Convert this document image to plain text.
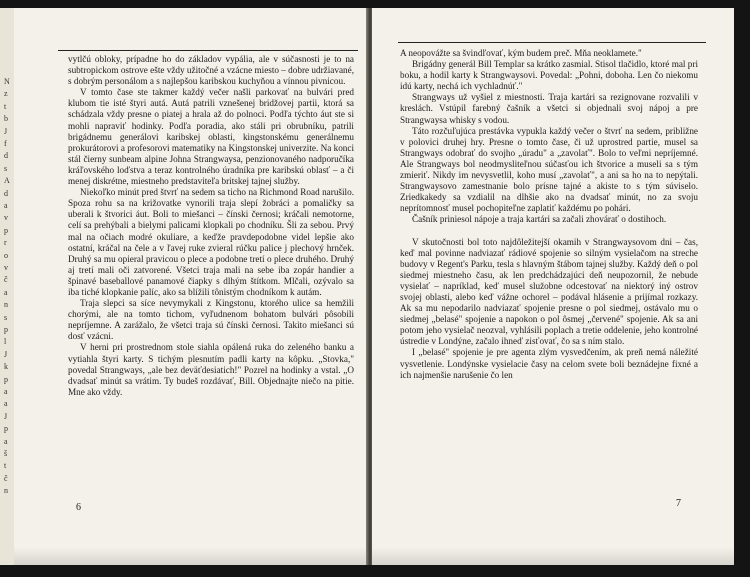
N
z
t
b
J
f
d
s
A
d
a
v
p
r
o
v
č
a
n
s
p
l
J
k
p
a
a
J
p
a
š
t
č
n

vytlčú obloky, prípadne ho do základov vypália, ale v súčasnosti je to na subtropickom ostrove ešte vždy užitočné a vzácne miesto – dobre udržiavané, s dobrým personálom a s najlepšou karibskou kuchyňou a vínnou pivnicou.

V tomto čase ste takmer každý večer našli parkovať na bulvári pred klubom tie isté štyri autá. Autá patrili vznešenej bridžovej partii, ktorá sa schádzala vždy presne o piatej a hrala až do polnoci. Podľa týchto áut ste si mohli napraviť hodinky. Podľa poradia, ako stáli pri obrubníku, patrili brigádnemu generálovi karibskej oblasti, kingstonskému generálnemu prokurátorovi a profesorovi matematiky na Kingstonskej univerzite. Na konci stál čierny sunbeam alpine Johna Strangwaysa, penzionovaného nadporučíka kráľovského loďstva a teraz kontrolného úradníka pre karibskú oblasť – a či menej diskrétne, miestneho predstaviteľa britskej tajnej služby.

Niekoľko minút pred štvrť na sedem sa ticho na Richmond Road narušilo. Spoza rohu sa na križovatke vynorili traja slepí žobráci a pomaličky sa uberali k štvorici áut. Boli to miešanci – čínski černosi; kráčali nemotorne, celí sa prehýbali a bielymi palicami klopkali po chodníku. Šli za sebou. Prvý mal na očiach modré okuliare, a keďže pravdepodobne videl lepšie ako ostatní, kráčal na čele a v ľavej ruke zvieral rúčku palice j plechový hrnček. Druhý sa mu opieral pravicou o plece a podobne tretí o plece druhého. Druhý aj tretí mali oči zatvorené. Všetci traja mali na sebe iba zopár handier a špinavé baseballové panamové čiapky s dlhým štítkom. Mlčali, ozývalo sa iba tiché klopkanie palíc, ako sa blížili tônistým chodníkom k autám.

Traja slepci sa síce nevymykali z Kingstonu, ktorého ulice sa hemžili chorými, ale na tomto tichom, vyľudnenom bohatom bulvári pôsobili nepríjemne. A zarážalo, že všetci traja sú čínski černosi. Takito miešanci sú dosť vzácni.

V herni pri prostrednom stole siahla opálená ruka do zeleného banku a vytiahla štyri karty. S tichým plesnutím padli karty na kôpku. „Stovka," povedal Strangways, „ale bez deväťdesiatich!" Pozrel na hodinky a vstal. „O dvadsať minút sa vrátim. Ty budeš rozdávať, Bill. Objednajte niečo na pitie. Mne ako vždy.

6

A neopovážte sa švindľovať, kým budem preč. Mňa neoklamete."

Brigádny generál Bill Templar sa krátko zasmial. Stisol tlačidlo, ktoré mal pri boku, a hodil karty k Strangwaysovi. Povedal: „Pohni, doboha. Len čo niekomu idú karty, nechá ich vychladnúť."

Strangways už vyšiel z miestnosti. Traja kartári sa rezignovane rozvalili v kreslách. Vstúpil farebný čašník a všetci si objednali svoj nápoj a pre Strangwaysa whisky s vodou.

Táto rozčuľujúca prestávka vypukla každý večer o štvrť na sedem, približne v polovici druhej hry. Presne o tomto čase, či už uprostred partie, musel sa Strangways odobrať do svojho „úradu" a „zavolať". Bolo to veľmi nepríjemné. Ale Strangways bol neodmysliteľnou súčasťou ich štvorice a museli sa s tým zmieriť. Nikdy im nevysvetlil, koho musí „zavolať", a ani sa ho na to nepýtali. Strangwaysovo zamestnanie bolo prísne tajné a akiste to s tým súviselo. Zriedkakedy sa vzdialil na dlhšie ako na dvadsať minút, no za svoju neprítomnosť musel pochopiteľne zaplatiť každému po pohári.

Čašník priniesol nápoje a traja kartári sa začali zhovárať o dostihoch.

V skutočnosti bol toto najdôležitejší okamih v Strangwaysovom dni – čas, keď mal povinne nadviazať rádiové spojenie so silným vysielačom na streche budovy v Regent's Parku, tesla s hlavným štábom tajnej služby. Každý deň o pol siedmej miestneho času, ak len predchádzajúci deň neupozornil, že nebude vysielať – napríklad, keď musel služobne odcestovať na niektorý iný ostrov svojej oblasti, alebo keď vážne ochorel – podával hlásenie a prijímal rozkazy. Ak sa mu nepodarilo nadviazať spojenie presne o pol siedmej, ostávalo mu o siedmej „belasé" spojenie a napokon o pol ôsmej „červené" spojenie. Ak sa ani potom jeho vysielač neozval, vyhlásili poplach a tretie oddelenie, jeho kontrolné ústredie v Londýne, začalo ihneď zisťovať, čo sa s ním stalo.

I „belasé" spojenie je pre agenta zlým vysvedčením, ak preň nemá náležité vysvetlenie. Londýnske vysielacie časy na celom svete boli beznádejne fixné a ich najmenšie narušenie čo len

7
